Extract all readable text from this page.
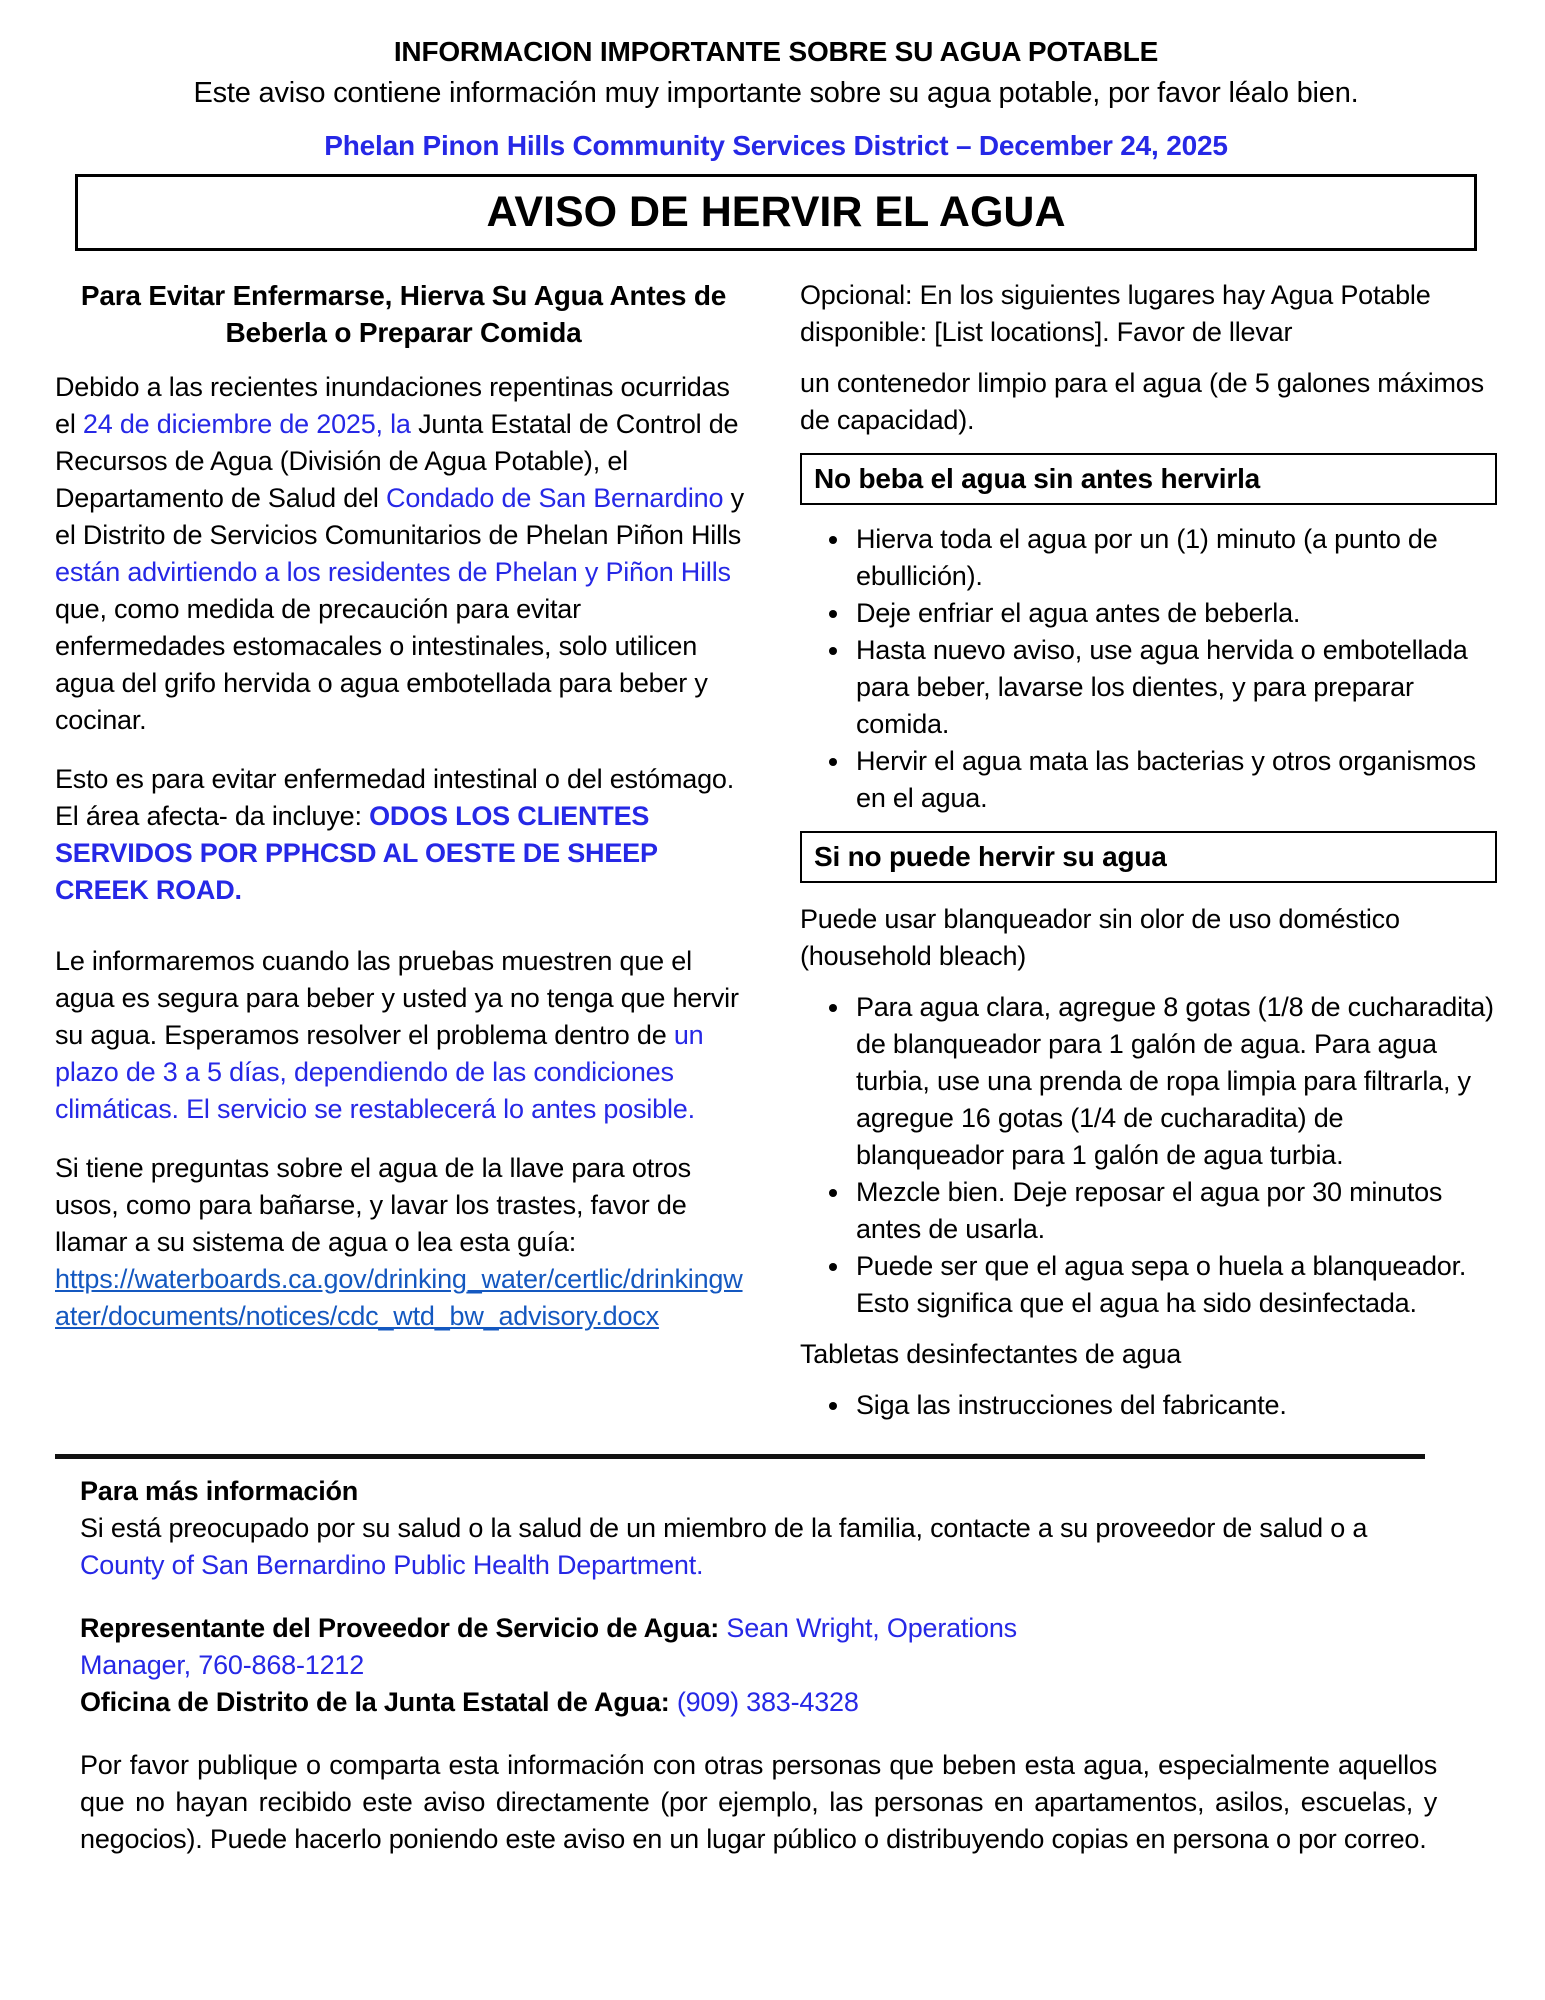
INFORMACION IMPORTANTE SOBRE SU AGUA POTABLE
Este aviso contiene información muy importante sobre su agua potable, por favor léalo bien.
Phelan Pinon Hills Community Services District – December 24, 2025
AVISO DE HERVIR EL AGUA
Para Evitar Enfermarse, Hierva Su Agua Antes de Beberla o Preparar Comida

Debido a las recientes inundaciones repentinas ocurridas el 24 de diciembre de 2025, la Junta Estatal de Control de Recursos de Agua (División de Agua Potable), el Departamento de Salud del Condado de San Bernardino y el Distrito de Servicios Comunitarios de Phelan Piñon Hills están advirtiendo a los residentes de Phelan y Piñon Hills que, como medida de precaución para evitar enfermedades estomacales o intestinales, solo utilicen agua del grifo hervida o agua embotellada para beber y cocinar.

Esto es para evitar enfermedad intestinal o del estómago. El área afecta- da incluye: ODOS LOS CLIENTES SERVIDOS POR PPHCSD AL OESTE DE SHEEP CREEK ROAD.

Le informaremos cuando las pruebas muestren que el agua es segura para beber y usted ya no tenga que hervir su agua. Esperamos resolver el problema dentro de un plazo de 3 a 5 días, dependiendo de las condiciones climáticas. El servicio se restablecerá lo antes posible.

Si tiene preguntas sobre el agua de la llave para otros usos, como para bañarse, y lavar los trastes, favor de llamar a su sistema de agua o lea esta guía:
https://waterboards.ca.gov/drinking_water/certlic/drinkingwater/documents/notices/cdc_wtd_bw_advisory.docx

Opcional: En los siguientes lugares hay Agua Potable disponible: [List locations]. Favor de llevar

un contenedor limpio para el agua (de 5 galones máximos de capacidad).

No beba el agua sin antes hervirla
• Hierva toda el agua por un (1) minuto (a punto de ebullición).
• Deje enfriar el agua antes de beberla.
• Hasta nuevo aviso, use agua hervida o embotellada para beber, lavarse los dientes, y para preparar comida.
• Hervir el agua mata las bacterias y otros organismos en el agua.
Si no puede hervir su agua

Puede usar blanqueador sin olor de uso doméstico (household bleach)

• Para agua clara, agregue 8 gotas (1/8 de cucharadita) de blanqueador para 1 galón de agua. Para agua turbia, use una prenda de ropa limpia para filtrarla, y agregue 16 gotas (1/4 de cucharadita) de blanqueador para 1 galón de agua turbia.
• Mezcle bien. Deje reposar el agua por 30 minutos antes de usarla.
• Puede ser que el agua sepa o huela a blanqueador. Esto significa que el agua ha sido desinfectada.

Tabletas desinfectantes de agua

• Siga las instrucciones del fabricante.

Para más información

Si está preocupado por su salud o la salud de un miembro de la familia, contacte a su proveedor de salud o a County of San Bernardino Public Health Department.

Representante del Proveedor de Servicio de Agua: Sean Wright, Operations
Manager, 760-868-1212

Oficina de Distrito de la Junta Estatal de Agua: (909) 383-4328

Por favor publique o comparta esta información con otras personas que beben esta agua, especialmente aquellos que no hayan recibido este aviso directamente (por ejemplo, las personas en apartamentos, asilos, escuelas, y negocios). Puede hacerlo poniendo este aviso en un lugar público o distribuyendo copias en persona o por correo.
